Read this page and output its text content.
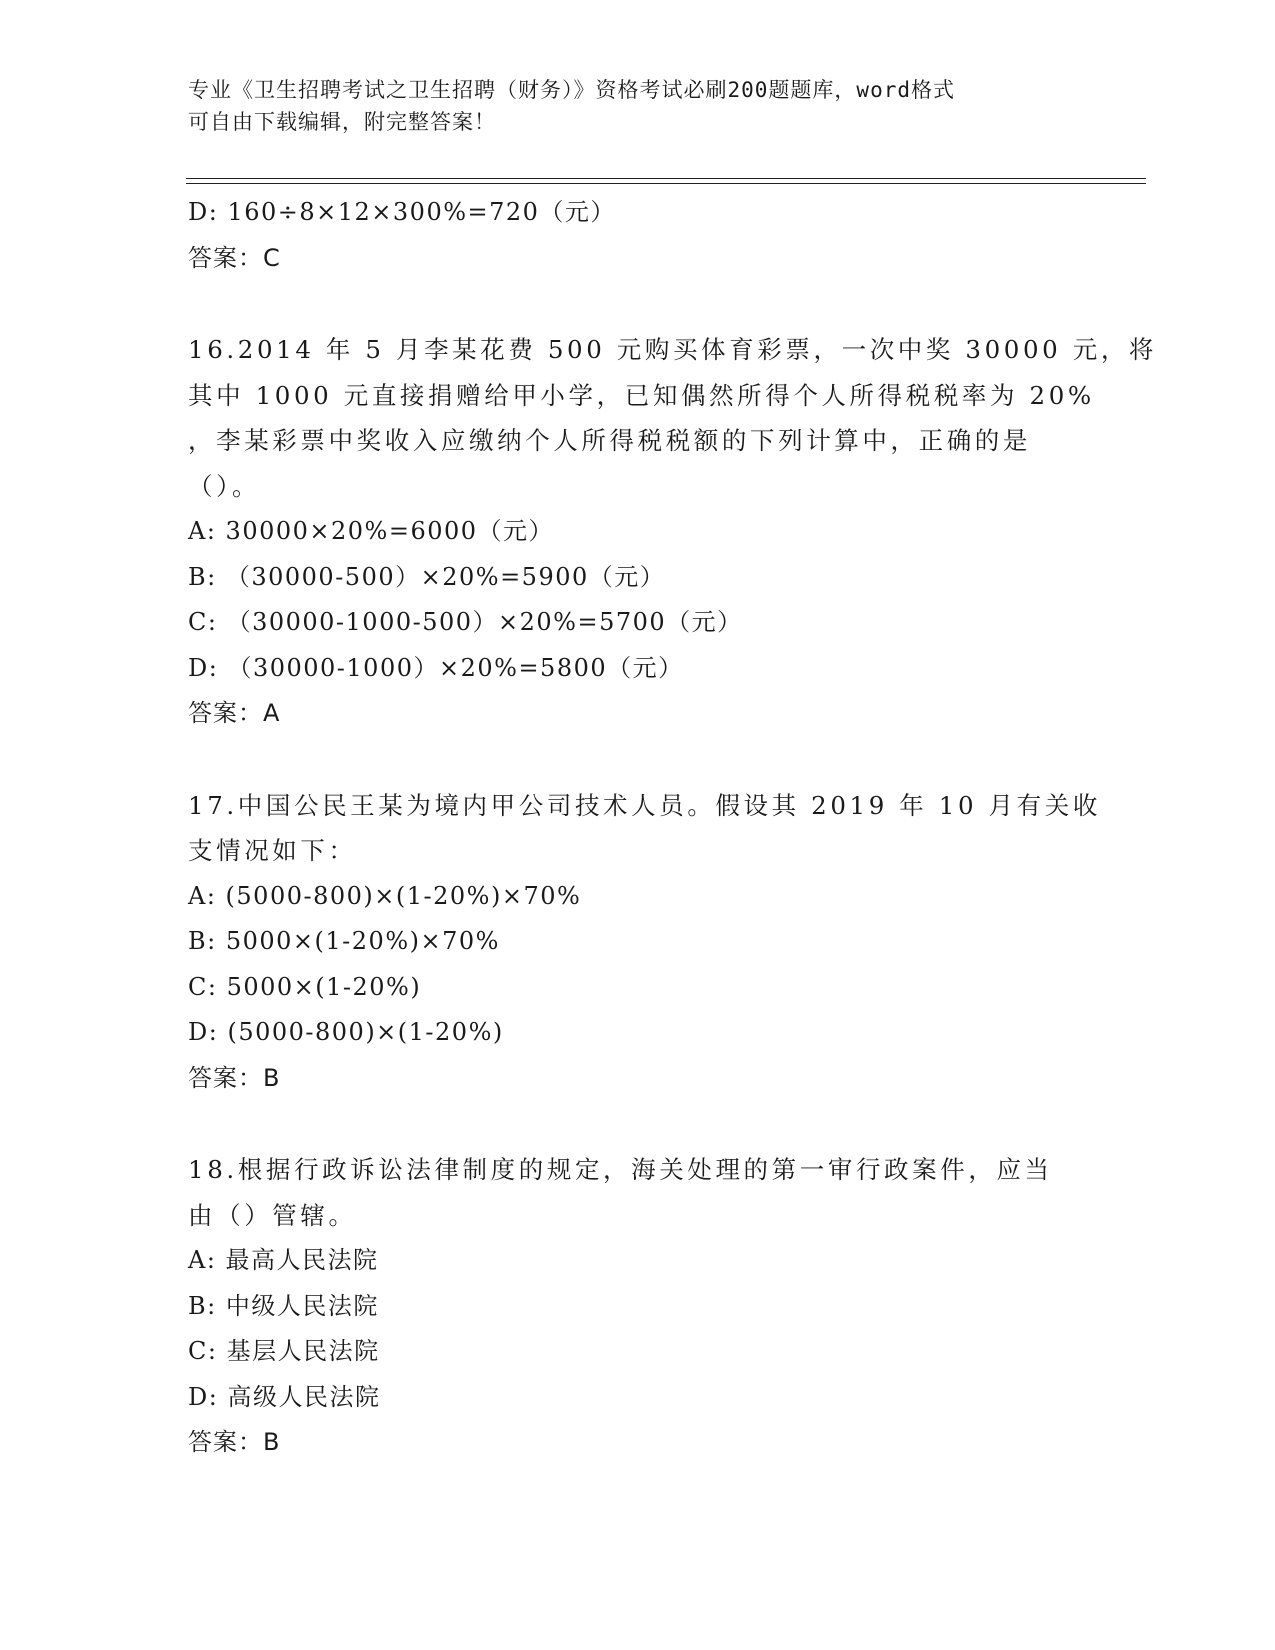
专业《卫生招聘考试之卫生招聘（财务）》资格考试必刷200题题库，word格式
可自由下载编辑，附完整答案！
D: 160÷8×12×300%=720（元）
答案：C
16.2014 年 5 月李某花费 500 元购买体育彩票，一次中奖 30000 元，将
其中 1000 元直接捐赠给甲小学，已知偶然所得个人所得税税率为 20%
，李某彩票中奖收入应缴纳个人所得税税额的下列计算中，正确的是
（）。
A: 30000×20%=6000（元）
B: （30000-500）×20%=5900（元）
C: （30000-1000-500）×20%=5700（元）
D: （30000-1000）×20%=5800（元）
答案：A
17.中国公民王某为境内甲公司技术人员。假设其 2019 年 10 月有关收
支情况如下：
A: (5000-800)×(1-20%)×70%
B: 5000×(1-20%)×70%
C: 5000×(1-20%)
D: (5000-800)×(1-20%)
答案：B
18.根据行政诉讼法律制度的规定，海关处理的第一审行政案件，应当
由（）管辖。
A: 最高人民法院
B: 中级人民法院
C: 基层人民法院
D: 高级人民法院
答案：B
